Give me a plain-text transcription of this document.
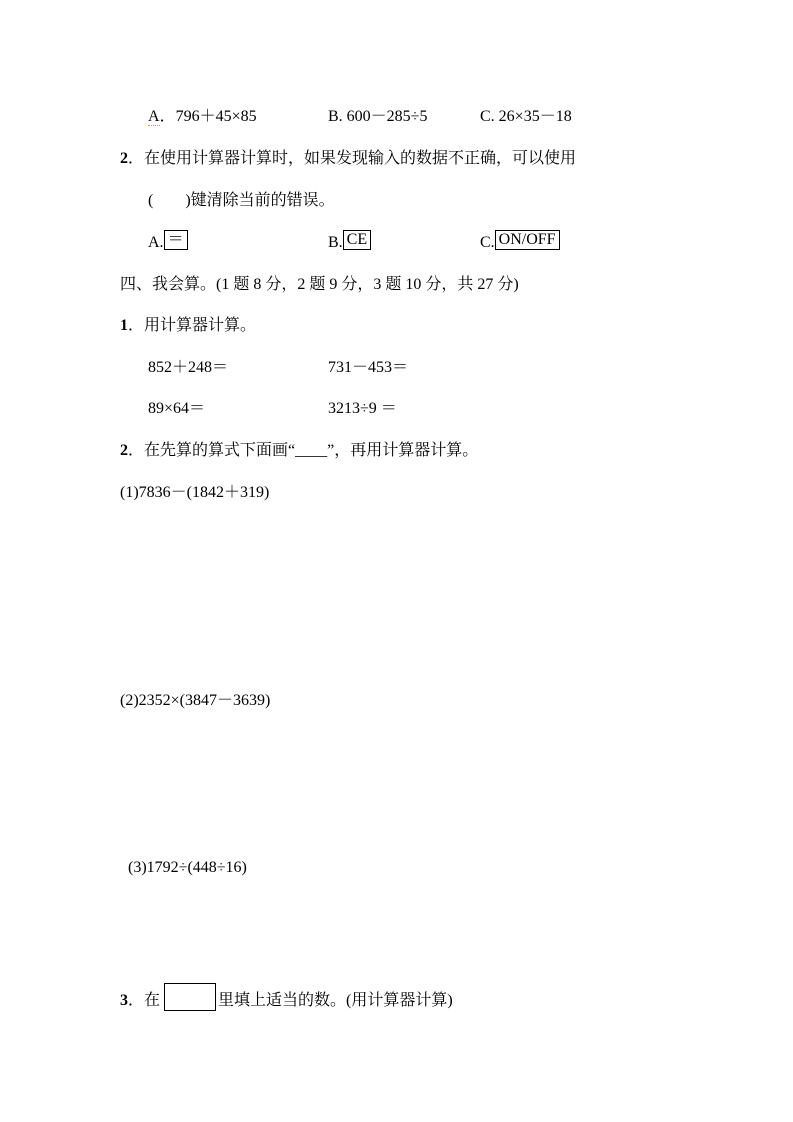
A．796＋45×85	B. 600－285÷5	C. 26×35－18
2．在使用计算器计算时，如果发现输入的数据不正确，可以使用
(　　)键清除当前的错误。
A. ＝	B. CE	C. ON/OFF
四、我会算。(1 题 8 分，2 题 9 分，3 题 10 分，共 27 分)
1．用计算器计算。
852＋248＝	731－453＝
89×64＝	3213÷9 ＝
2．在先算的算式下面画“____”，再用计算器计算。
(1)7836－(1842＋319)
(2)2352×(3847－3639)
(3)1792÷(448÷16)
3．在	里填上适当的数。(用计算器计算)
